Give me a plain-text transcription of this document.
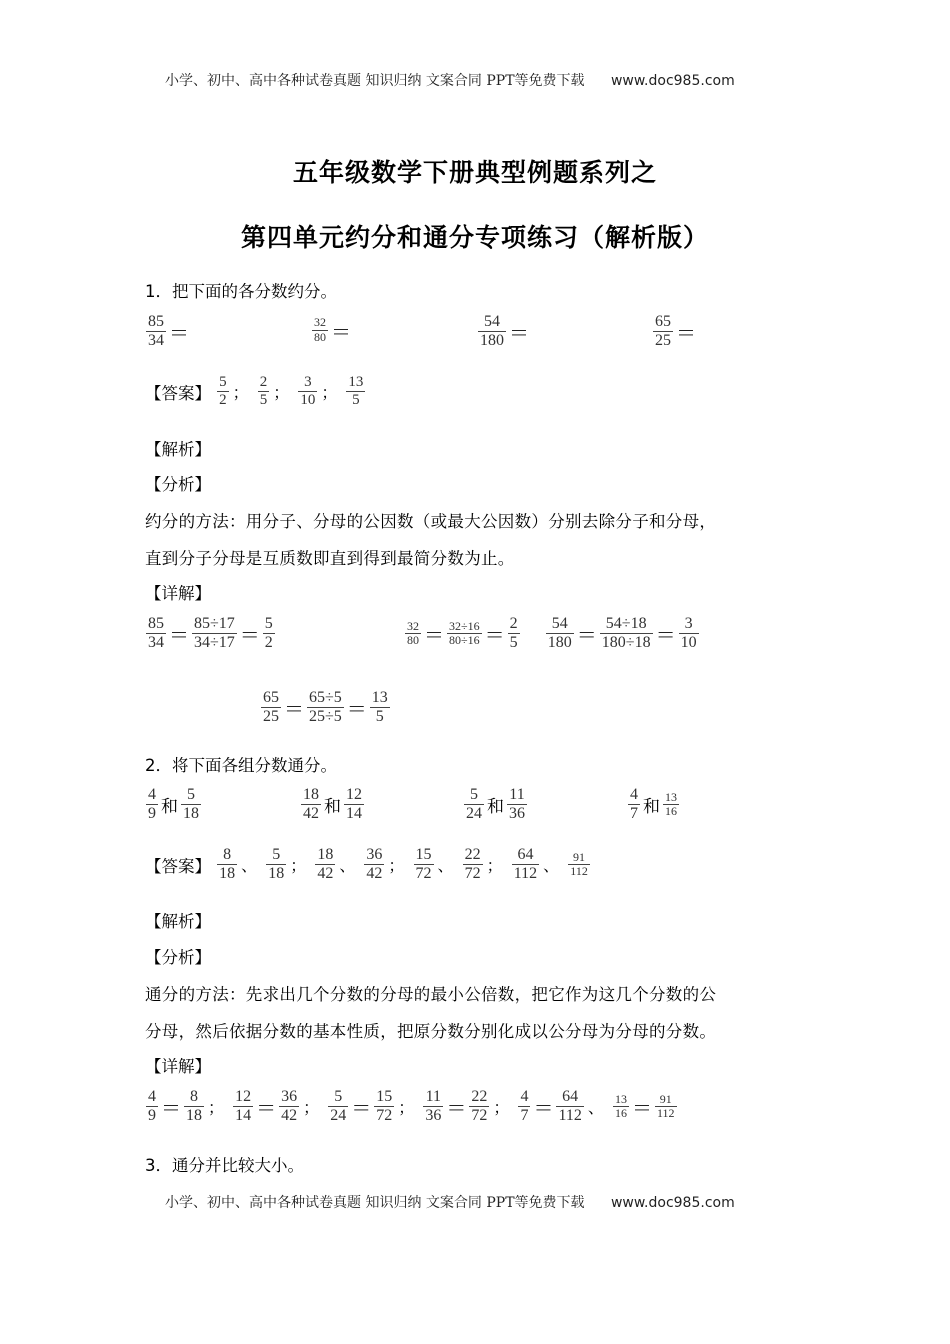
小学、初中、高中各种试卷真题 知识归纳 文案合同 PPT等免费下载 www.doc985.com
五年级数学下册典型例题系列之
第四单元约分和通分专项练习（解析版）
1．把下面的各分数约分。
$\frac{85}{34}$ ＝	$\frac{32}{80}$ ＝	$\frac{54}{180}$ ＝	$\frac{65}{25}$ ＝
【答案】 $\frac{5}{2}$ ； $\frac{2}{5}$ ； $\frac{3}{10}$ ； $\frac{13}{5}$
【解析】
【分析】
约分的方法：用分子、分母的公因数（或最大公因数）分别去除分子和分母，
直到分子分母是互质数即直到得到最简分数为止。
【详解】
$\frac{85}{34} = \frac{85\div 17}{34\div 17} = \frac{5}{2}$	$\frac{32}{80} = \frac{32\div 16}{80\div 16} = \frac{2}{5}$
$\frac{54}{180} = \frac{54\div 18}{180\div 18} = \frac{3}{10}$
$\frac{65}{25} = \frac{65\div 5}{25\div 5} = \frac{13}{5}$
2．将下面各组分数通分。
$\frac{4}{9}$ 和 $\frac{5}{18}$	$\frac{18}{42}$ 和 $\frac{12}{14}$	$\frac{5}{24}$ 和 $\frac{11}{36}$	$\frac{4}{7}$ 和 $\frac{13}{16}$
【答案】 $\frac{8}{18}$ 、 $\frac{5}{18}$ ； $\frac{18}{42}$ 、 $\frac{36}{42}$ ； $\frac{15}{72}$ 、 $\frac{22}{72}$ ； $\frac{64}{112}$ 、 $\frac{91}{112}$
【解析】
【分析】
通分的方法：先求出几个分数的分母的最小公倍数，把它作为这几个分数的公
分母，然后依据分数的基本性质，把原分数分别化成以公分母为分母的分数。
【详解】
$\frac{4}{9} = \frac{8}{18}$ ； $\frac{12}{14} = \frac{36}{42}$ ； $\frac{5}{24} = \frac{15}{72}$ ； $\frac{11}{36} = \frac{22}{72}$ ； $\frac{4}{7} = \frac{64}{112}$ 、 $\frac{13}{16} = \frac{91}{112}$
3．通分并比较大小。
小学、初中、高中各种试卷真题 知识归纳 文案合同 PPT等免费下载 www.doc985.com
